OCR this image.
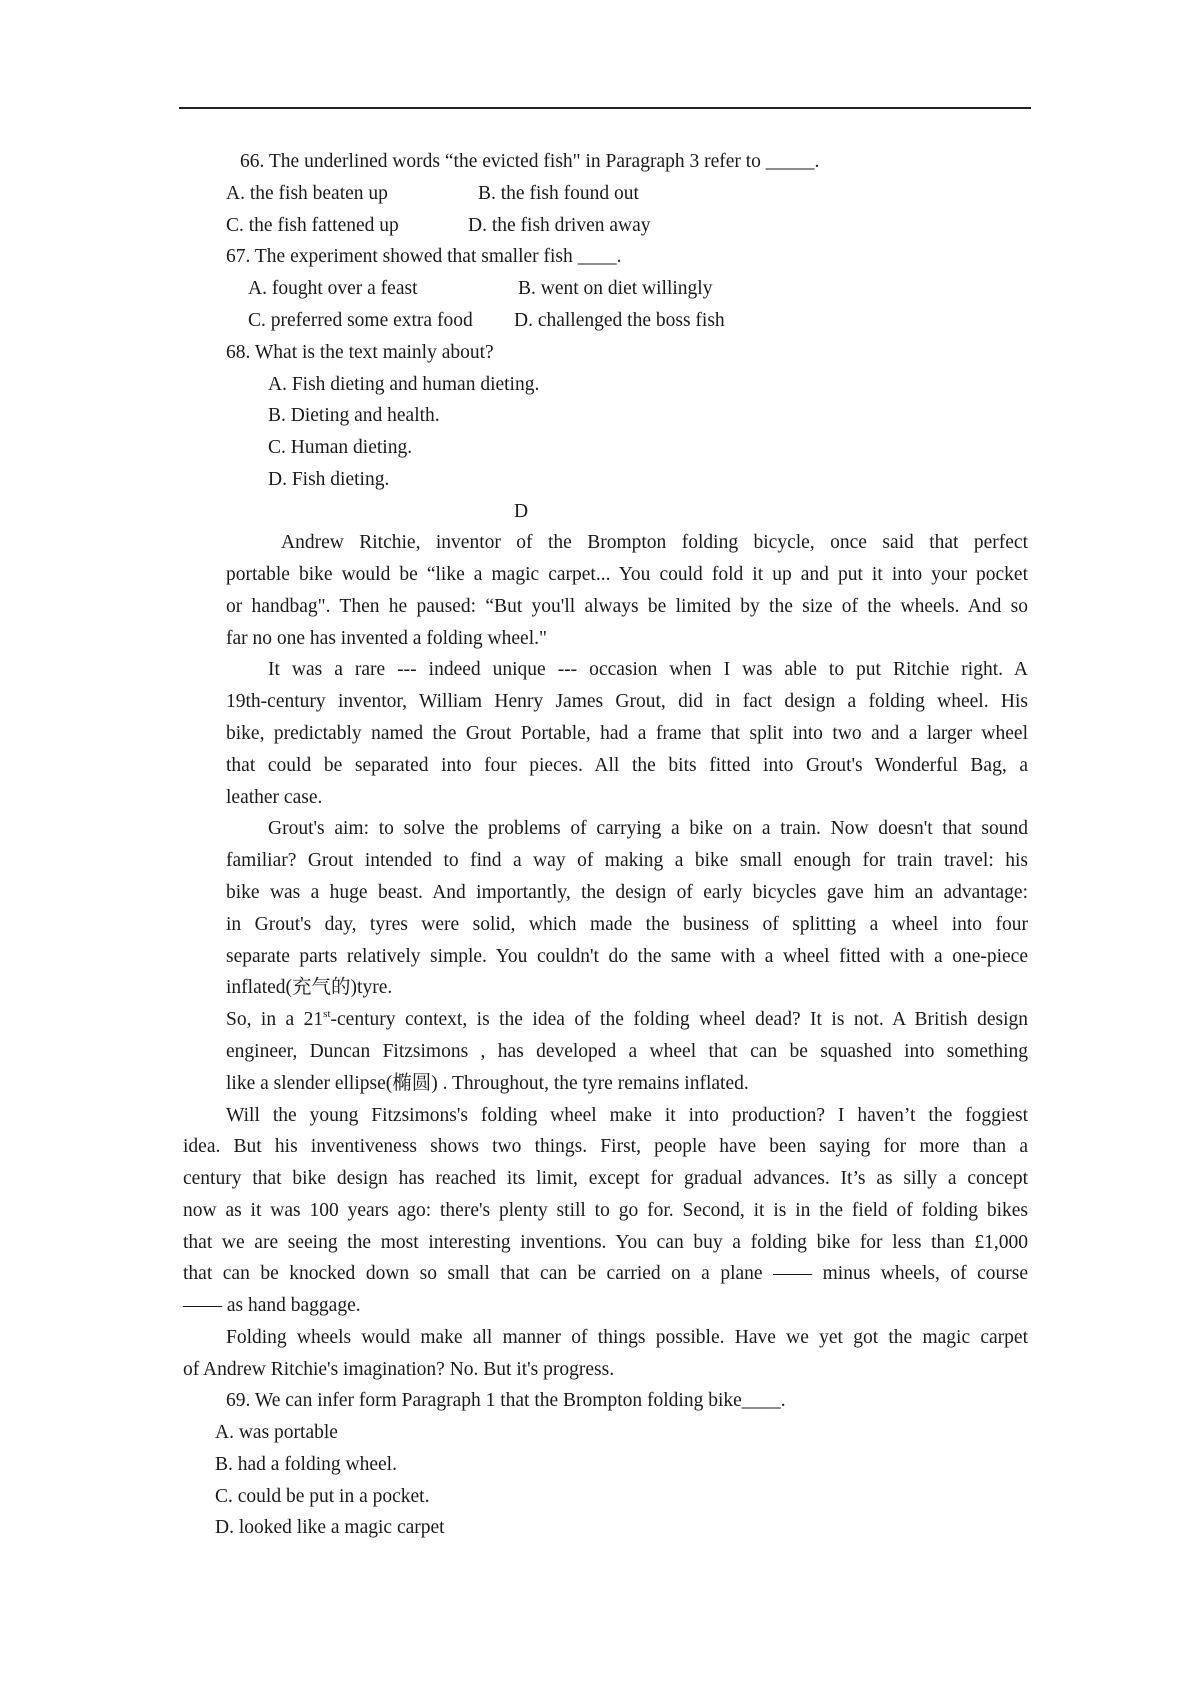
66. The underlined words “the evicted fish" in Paragraph 3 refer to _____.
A. the fish beaten up	B. the fish found out
C. the fish fattened up	D. the fish driven away
67. The experiment showed that smaller fish ____.
A. fought over a feast	B. went on diet willingly
C. preferred some extra food D. challenged the boss fish
68. What is the text mainly about?
A. Fish dieting and human dieting.
B. Dieting and health.
C. Human dieting.
D. Fish dieting.
D
Andrew Ritchie, inventor of the Brompton folding bicycle, once said that perfect
portable bike would be “like a magic carpet... You could fold it up and put it into your pocket
or handbag". Then he paused: “But you'll always be limited by the size of the wheels. And so
far no one has invented a folding wheel."
It was a rare --- indeed unique --- occasion when I was able to put Ritchie right. A
19th-century inventor, William Henry James Grout, did in fact design a folding wheel. His
bike, predictably named the Grout Portable, had a frame that split into two and a larger wheel
that could be separated into four pieces. All the bits fitted into Grout's Wonderful Bag, a
leather case.
Grout's aim: to solve the problems of carrying a bike on a train. Now doesn't that sound
familiar? Grout intended to find a way of making a bike small enough for train travel: his
bike was a huge beast. And importantly, the design of early bicycles gave him an advantage:
in Grout's day, tyres were solid, which made the business of splitting a wheel into four
separate parts relatively simple. You couldn't do the same with a wheel fitted with a one-piece
inflated(充气的)tyre.
So, in a 21st-century context, is the idea of the folding wheel dead? It is not. A British design
engineer, Duncan Fitzsimons , has developed a wheel that can be squashed into something
like a slender ellipse(椭圆) . Throughout, the tyre remains inflated.
Will the young Fitzsimons's folding wheel make it into production? I haven’t the foggiest
idea. But his inventiveness shows two things. First, people have been saying for more than a
century that bike design has reached its limit, except for gradual advances. It’s as silly a concept
now as it was 100 years ago: there's plenty still to go for. Second, it is in the field of folding bikes
that we are seeing the most interesting inventions. You can buy a folding bike for less than £1,000
that can be knocked down so small that can be carried on a plane —— minus wheels, of course
—— as hand baggage.
Folding wheels would make all manner of things possible. Have we yet got the magic carpet
of Andrew Ritchie's imagination? No. But it's progress.
69. We can infer form Paragraph 1 that the Brompton folding bike____.
A. was portable
B. had a folding wheel.
C. could be put in a pocket.
D. looked like a magic carpet
